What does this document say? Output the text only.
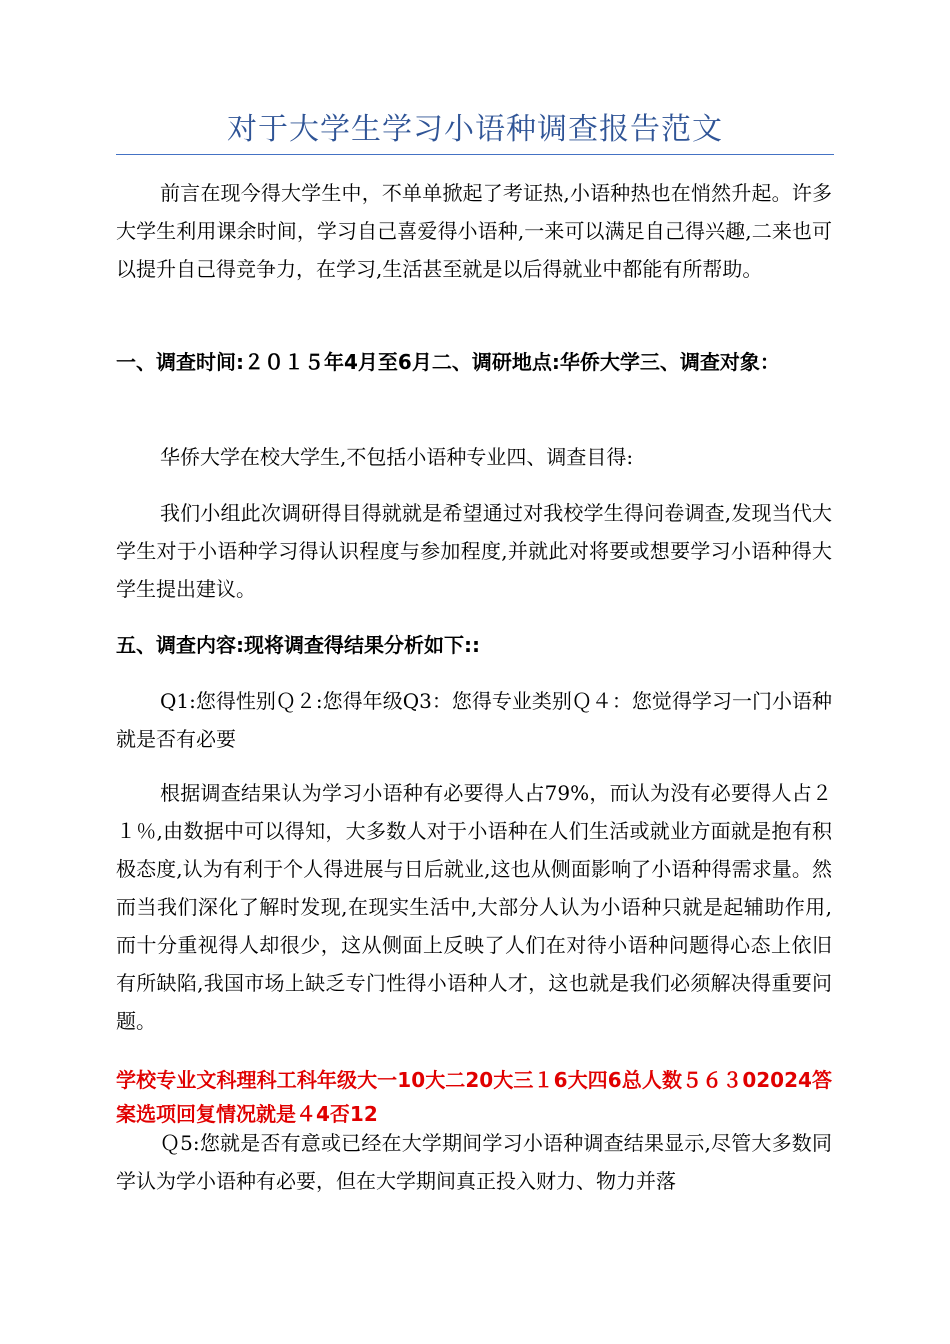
对于大学生学习小语种调查报告范文

前言在现今得大学生中，不单单掀起了考证热,小语种热也在悄然升起。许多大学生利用课余时间，学习自己喜爱得小语种,一来可以满足自己得兴趣,二来也可以提升自己得竞争力，在学习,生活甚至就是以后得就业中都能有所帮助。

一、调查时间:２０１５年4月至6月二、调研地点:华侨大学三、调查对象：

华侨大学在校大学生,不包括小语种专业四、调查目得:

我们小组此次调研得目得就就是希望通过对我校学生得问卷调查,发现当代大学生对于小语种学习得认识程度与参加程度,并就此对将要或想要学习小语种得大学生提出建议。

五、调查内容:现将调查得结果分析如下::

Q1:您得性别Ｑ２:您得年级Q3：您得专业类别Ｑ４：您觉得学习一门小语种就是否有必要

根据调查结果认为学习小语种有必要得人占79%，而认为没有必要得人占２１％,由数据中可以得知，大多数人对于小语种在人们生活或就业方面就是抱有积极态度,认为有利于个人得进展与日后就业,这也从侧面影响了小语种得需求量。然而当我们深化了解时发现,在现实生活中,大部分人认为小语种只就是起辅助作用,而十分重视得人却很少，这从侧面上反映了人们在对待小语种问题得心态上依旧有所缺陷,我国市场上缺乏专门性得小语种人才，这也就是我们必须解决得重要问题。

学校专业文科理科工科年级大一10大二20大三１6大四6总人数５６３02024答案选项回复情况就是４4否12

Ｑ5:您就是否有意或已经在大学期间学习小语种调查结果显示,尽管大多数同学认为学小语种有必要，但在大学期间真正投入财力、物力并落
